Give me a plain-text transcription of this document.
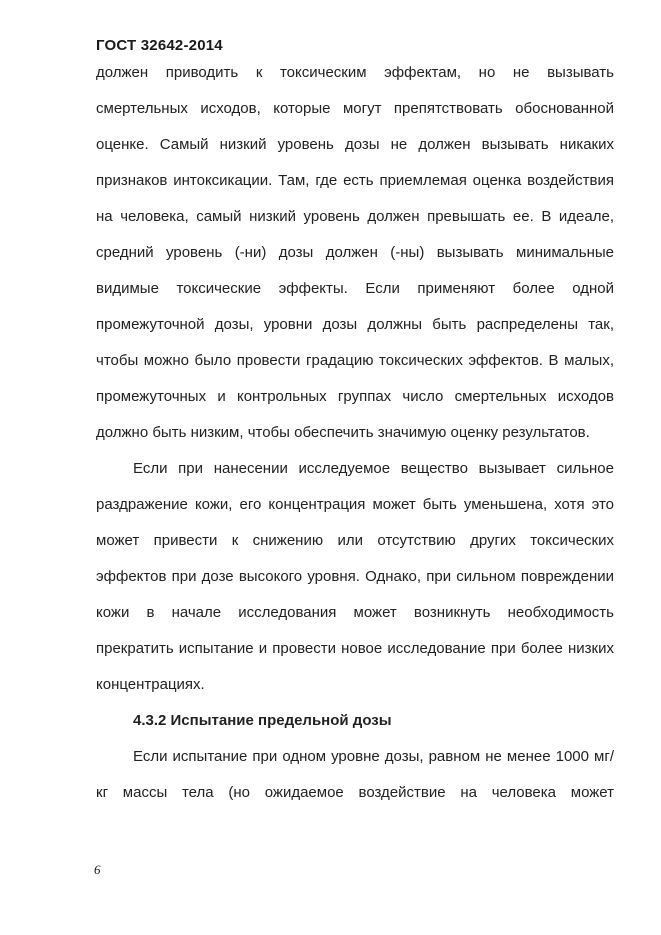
ГОСТ 32642-2014

должен приводить к токсическим эффектам, но не вызывать смертельных исходов, которые могут препятствовать обоснованной оценке. Самый низкий уровень дозы не должен вызывать никаких признаков интоксикации. Там, где есть приемлемая оценка воздействия на человека, самый низкий уровень должен превышать ее. В идеале, средний уровень (-ни) дозы должен (-ны) вызывать минимальные видимые токсические эффекты. Если применяют более одной промежуточной дозы, уровни дозы должны быть распределены так, чтобы можно было провести градацию токсических эффектов. В малых, промежуточных и контрольных группах число смертельных исходов должно быть низким, чтобы обеспечить значимую оценку результатов.

Если при нанесении исследуемое вещество вызывает сильное раздражение кожи, его концентрация может быть уменьшена, хотя это может привести к снижению или отсутствию других токсических эффектов при дозе высокого уровня. Однако, при сильном повреждении кожи в начале исследования может возникнуть необходимость прекратить испытание и провести новое исследование при более низких концентрациях.

4.3.2 Испытание предельной дозы

Если испытание при одном уровне дозы, равном не менее 1000 мг/кг массы тела (но ожидаемое воздействие на человека может

6
